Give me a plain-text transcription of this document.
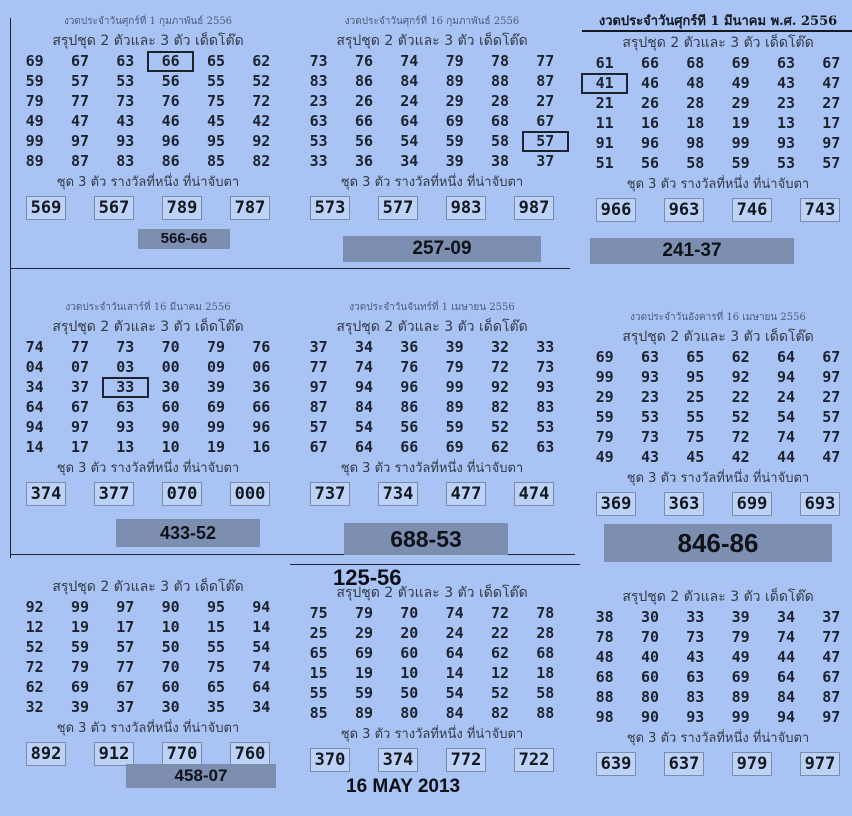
งวดประจำวันศุกร์ที่ 1 กุมภาพันธ์ 2556
สรุปชุด 2 ตัวและ 3 ตัว เด็ดโต๊ด
69	67	63	66	65	62
59	57	53	56	55	52
79	77	73	76	75	72
49	47	43	46	45	42
99	97	93	96	95	92
89	87	83	86	85	82
ชุด 3 ตัว รางวัลที่หนึ่ง ที่น่าจับตา
569 567 789 787
งวดประจำวันศุกร์ที่ 16 กุมภาพันธ์ 2556
สรุปชุด 2 ตัวและ 3 ตัว เด็ดโต๊ด
73	76	74	79	78	77
83	86	84	89	88	87
23	26	24	29	28	27
63	66	64	69	68	67
53	56	54	59	58	57
33	36	34	39	38	37
ชุด 3 ตัว รางวัลที่หนึ่ง ที่น่าจับตา
573 577 983 987
งวดประจำวันศุกร์ที่ 1 มีนาคม พ.ศ. 2556
สรุปชุด 2 ตัวและ 3 ตัว เด็ดโต๊ด
61	66	68	69	63	67
41	46	48	49	43	47
21	26	28	29	23	27
11	16	18	19	13	17
91	96	98	99	93	97
51	56	58	59	53	57
ชุด 3 ตัว รางวัลที่หนึ่ง ที่น่าจับตา
966 963 746 743
งวดประจำวันเสาร์ที่ 16 มีนาคม 2556
สรุปชุด 2 ตัวและ 3 ตัว เด็ดโต๊ด
74	77	73	70	79	76
04	07	03	00	09	06
34	37	33	30	39	36
64	67	63	60	69	66
94	97	93	90	99	96
14	17	13	10	19	16
ชุด 3 ตัว รางวัลที่หนึ่ง ที่น่าจับตา
374 377 070 000
งวดประจำวันจันทร์ที่ 1 เมษายน 2556
สรุปชุด 2 ตัวและ 3 ตัว เด็ดโต๊ด
37	34	36	39	32	33
77	74	76	79	72	73
97	94	96	99	92	93
87	84	86	89	82	83
57	54	56	59	52	53
67	64	66	69	62	63
ชุด 3 ตัว รางวัลที่หนึ่ง ที่น่าจับตา
737 734 477 474
งวดประจำวันอังคารที่ 16 เมษายน 2556
สรุปชุด 2 ตัวและ 3 ตัว เด็ดโต๊ด
69	63	65	62	64	67
99	93	95	92	94	97
29	23	25	22	24	27
59	53	55	52	54	57
79	73	75	72	74	77
49	43	45	42	44	47
ชุด 3 ตัว รางวัลที่หนึ่ง ที่น่าจับตา
369 363 699 693
สรุปชุด 2 ตัวและ 3 ตัว เด็ดโต๊ด
92	99	97	90	95	94
12	19	17	10	15	14
52	59	57	50	55	54
72	79	77	70	75	74
62	69	67	60	65	64
32	39	37	30	35	34
ชุด 3 ตัว รางวัลที่หนึ่ง ที่น่าจับตา
892 912 770 760
สรุปชุด 2 ตัวและ 3 ตัว เด็ดโต๊ด
75	79	70	74	72	78
25	29	20	24	22	28
65	69	60	64	62	68
15	19	10	14	12	18
55	59	50	54	52	58
85	89	80	84	82	88
ชุด 3 ตัว รางวัลที่หนึ่ง ที่น่าจับตา
370 374 772 722
สรุปชุด 2 ตัวและ 3 ตัว เด็ดโต๊ด
38	30	33	39	34	37
78	70	73	79	74	77
48	40	43	49	44	47
68	60	63	69	64	67
88	80	83	89	84	87
98	90	93	99	94	97
ชุด 3 ตัว รางวัลที่หนึ่ง ที่น่าจับตา
639 637 979 977
16 MAY 2013
566-66	257-09	241-37
433-52	688-53	846-86
458-07
125-56
